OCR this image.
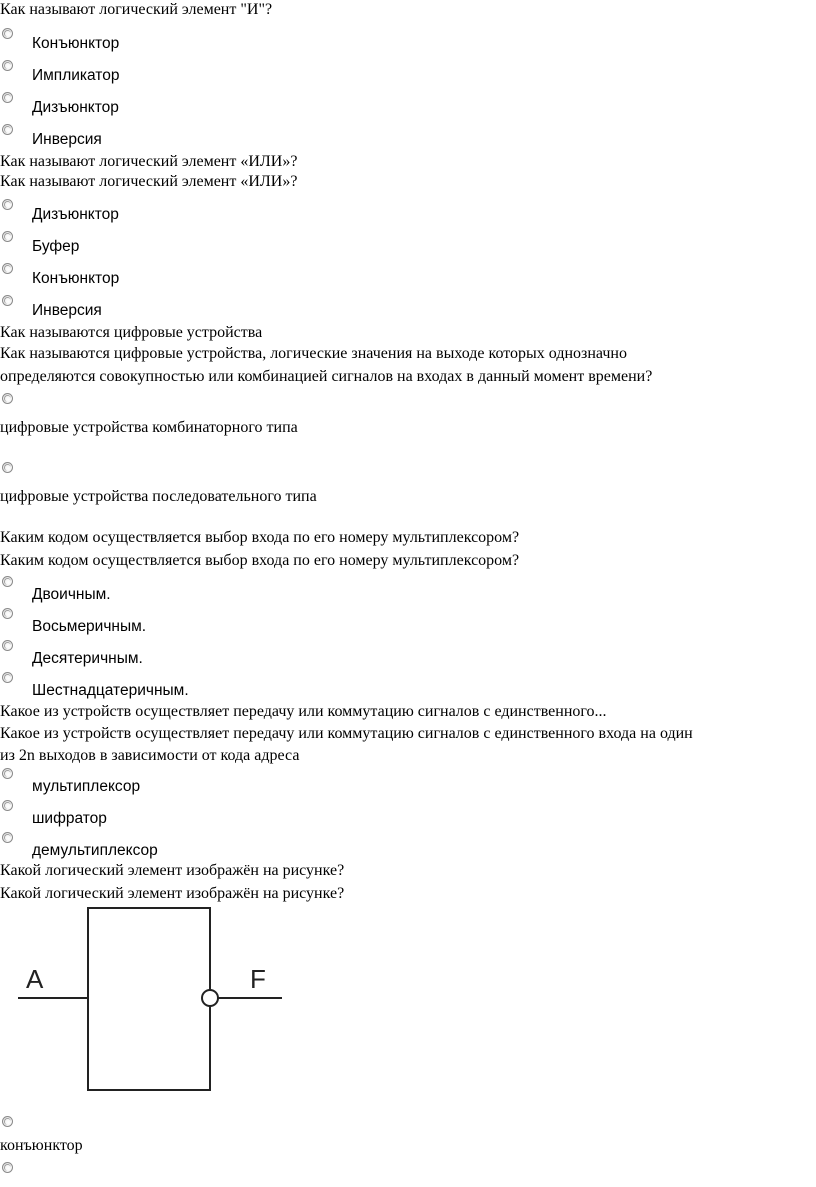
Как называют логический элемент "И"?
Конъюнктор
Импликатор
Дизъюнктор
Инверсия
Как называют логический элемент «ИЛИ»?
Как называют логический элемент «ИЛИ»?
Дизъюнктор
Буфер
Конъюнктор
Инверсия
Как называются цифровые устройства
Как называются цифровые устройства, логические значения на выходе которых однозначно
определяются совокупностью или комбинацией сигналов на входах в данный момент времени?
цифровые устройства комбинаторного типа
цифровые устройства последовательного типа
Каким кодом осуществляется выбор входа по его номеру мультиплексором?
Каким кодом осуществляется выбор входа по его номеру мультиплексором?
Двоичным.
Восьмеричным.
Десятеричным.
Шестнадцатеричным.
Какое из устройств осуществляет передачу или коммутацию сигналов с единственного...
Какое из устройств осуществляет передачу или коммутацию сигналов с единственного входа на один
из 2n выходов в зависимости от кода адреса
мультиплексор
шифратор
демультиплексор
Какой логический элемент изображён на рисунке?
Какой логический элемент изображён на рисунке?
A	F
конъюнктор
